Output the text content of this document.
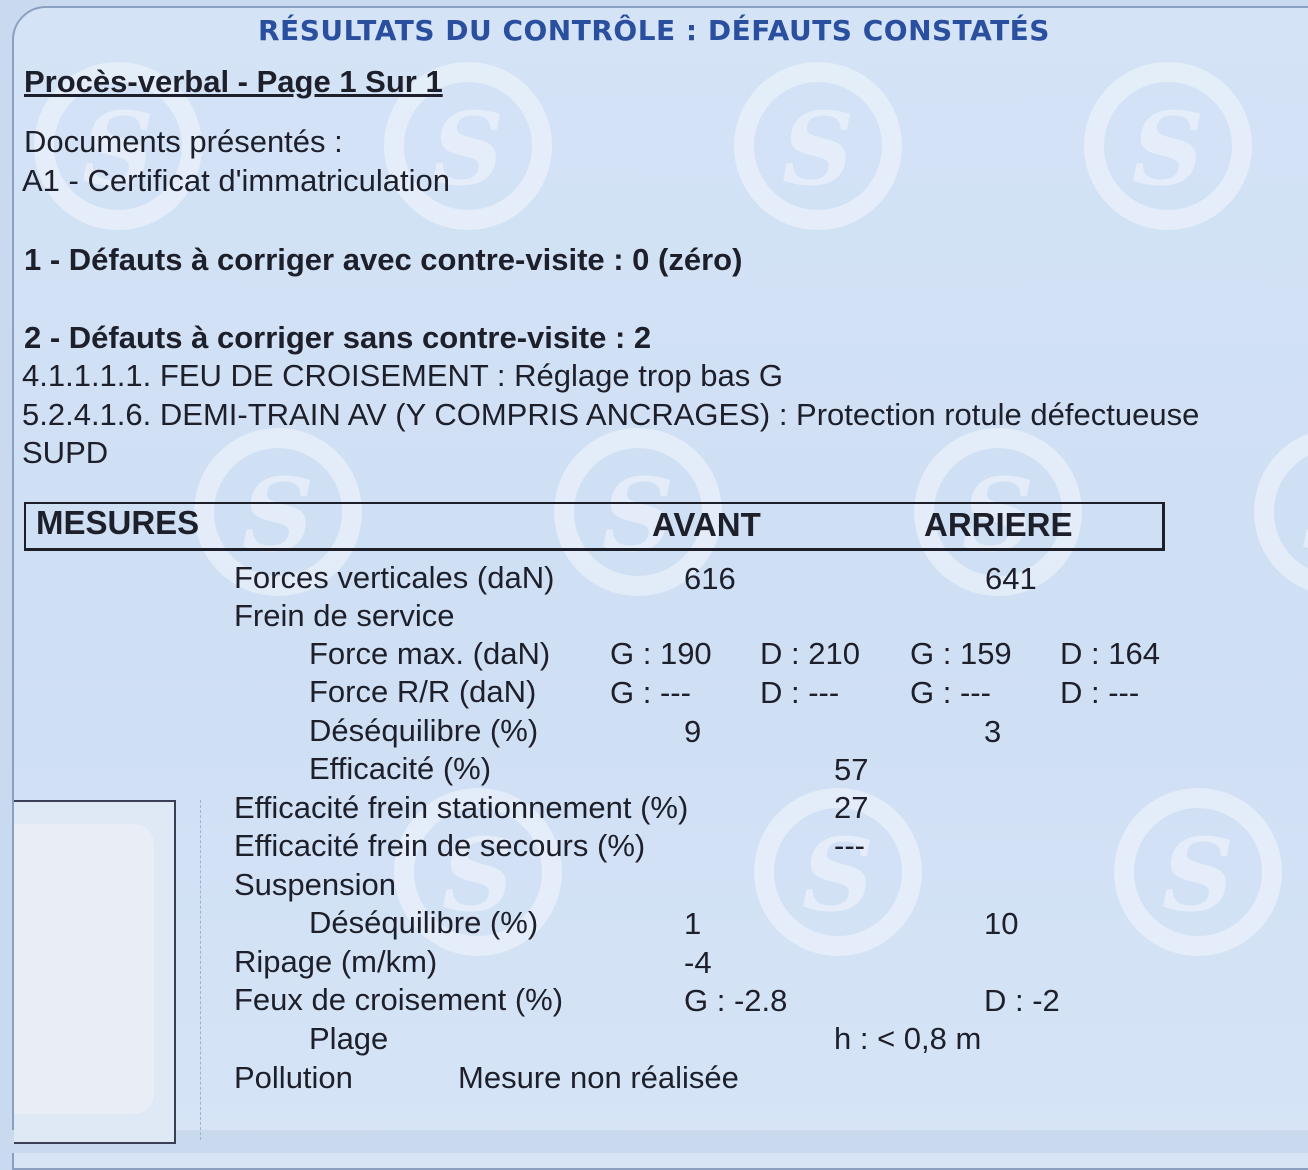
S
S
S
S
S
S
S
S
S
S
S

RÉSULTATS DU CONTRÔLE : DÉFAUTS CONSTATÉS
Procès-verbal - Page 1 Sur 1
Documents présentés :
A1 - Certificat d'immatriculation
1 - Défauts à corriger avec contre-visite : 0 (zéro)
2 - Défauts à corriger sans contre-visite : 2
4.1.1.1.1. FEU DE CROISEMENT : Réglage trop bas G
5.2.4.1.6. DEMI-TRAIN AV (Y COMPRIS ANCRAGES) : Protection rotule défectueuse
SUPD
MESURES	AVANT	ARRIERE
Forces verticales (daN)	616	641
Frein de service
Force max. (daN) G : 190 D : 210 G : 159 D : 164
Force R/R (daN) G : --- D : --- G : --- D : ---
Déséquilibre (%)	9	3
Efficacité (%)	57
Efficacité frein stationnement (%)	27
Efficacité frein de secours (%)	---
Suspension
Déséquilibre (%)	1	10
Ripage (m/km)	-4
Feux de croisement (%)	G : -2.8	D : -2
Plage	h : < 0,8 m
Pollution	Mesure non réalisée
